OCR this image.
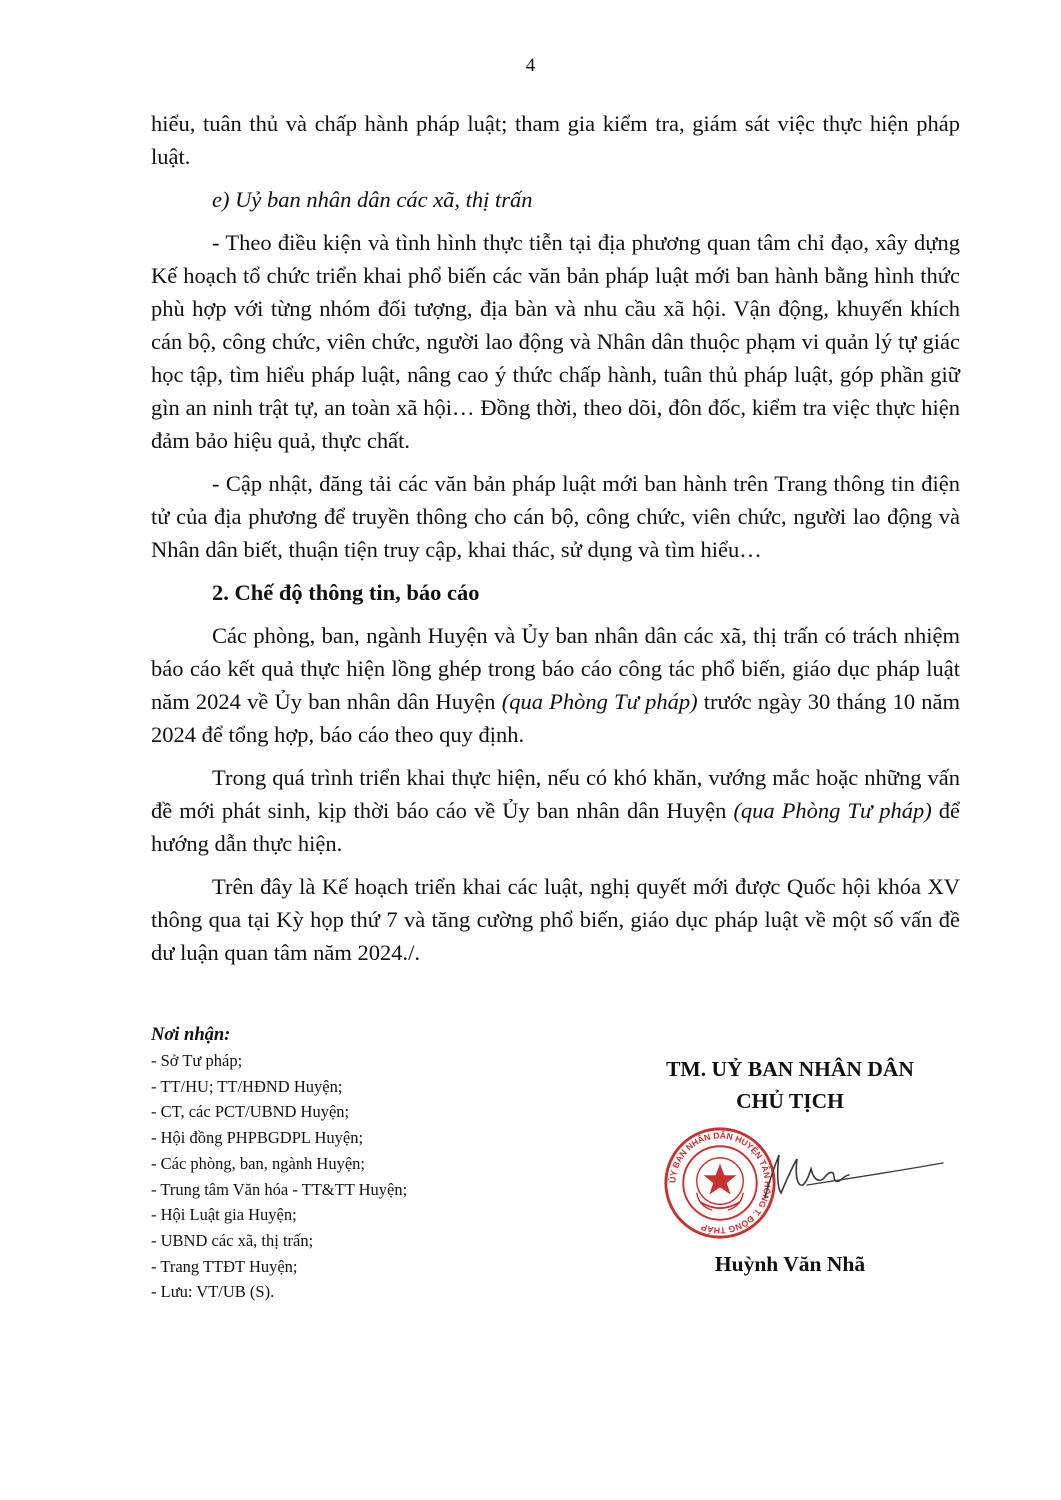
4

hiểu, tuân thủ và chấp hành pháp luật; tham gia kiểm tra, giám sát việc thực hiện pháp luật.

e) Uỷ ban nhân dân các xã, thị trấn

- Theo điều kiện và tình hình thực tiễn tại địa phương quan tâm chỉ đạo, xây dựng Kế hoạch tổ chức triển khai phổ biến các văn bản pháp luật mới ban hành bằng hình thức phù hợp với từng nhóm đối tượng, địa bàn và nhu cầu xã hội. Vận động, khuyến khích cán bộ, công chức, viên chức, người lao động và Nhân dân thuộc phạm vi quản lý tự giác học tập, tìm hiểu pháp luật, nâng cao ý thức chấp hành, tuân thủ pháp luật, góp phần giữ gìn an ninh trật tự, an toàn xã hội… Đồng thời, theo dõi, đôn đốc, kiểm tra việc thực hiện đảm bảo hiệu quả, thực chất.

- Cập nhật, đăng tải các văn bản pháp luật mới ban hành trên Trang thông tin điện tử của địa phương để truyền thông cho cán bộ, công chức, viên chức, người lao động và Nhân dân biết, thuận tiện truy cập, khai thác, sử dụng và tìm hiểu…

2. Chế độ thông tin, báo cáo

Các phòng, ban, ngành Huyện và Ủy ban nhân dân các xã, thị trấn có trách nhiệm báo cáo kết quả thực hiện lồng ghép trong báo cáo công tác phổ biến, giáo dục pháp luật năm 2024 về Ủy ban nhân dân Huyện (qua Phòng Tư pháp) trước ngày 30 tháng 10 năm 2024 để tổng hợp, báo cáo theo quy định.

Trong quá trình triển khai thực hiện, nếu có khó khăn, vướng mắc hoặc những vấn đề mới phát sinh, kịp thời báo cáo về Ủy ban nhân dân Huyện (qua Phòng Tư pháp) để hướng dẫn thực hiện.

Trên đây là Kế hoạch triển khai các luật, nghị quyết mới được Quốc hội khóa XV thông qua tại Kỳ họp thứ 7 và tăng cường phổ biến, giáo dục pháp luật về một số vấn đề dư luận quan tâm năm 2024./.

Nơi nhận:
- Sở Tư pháp;
- TT/HU; TT/HĐND Huyện;
- CT, các PCT/UBND Huyện;
- Hội đồng PHPBGDPL Huyện;
- Các phòng, ban, ngành Huyện;
- Trung tâm Văn hóa - TT&TT Huyện;
- Hội Luật gia Huyện;
- UBND các xã, thị trấn;
- Trang TTĐT Huyện;
- Lưu: VT/UB (S).
TM. UỶ BAN NHÂN DÂN
CHỦ TỊCH
ỦY BAN NHÂN DÂN HUYỆN TÂN HỒNG T. ĐỒNG THÁP
Huỳnh Văn Nhã
